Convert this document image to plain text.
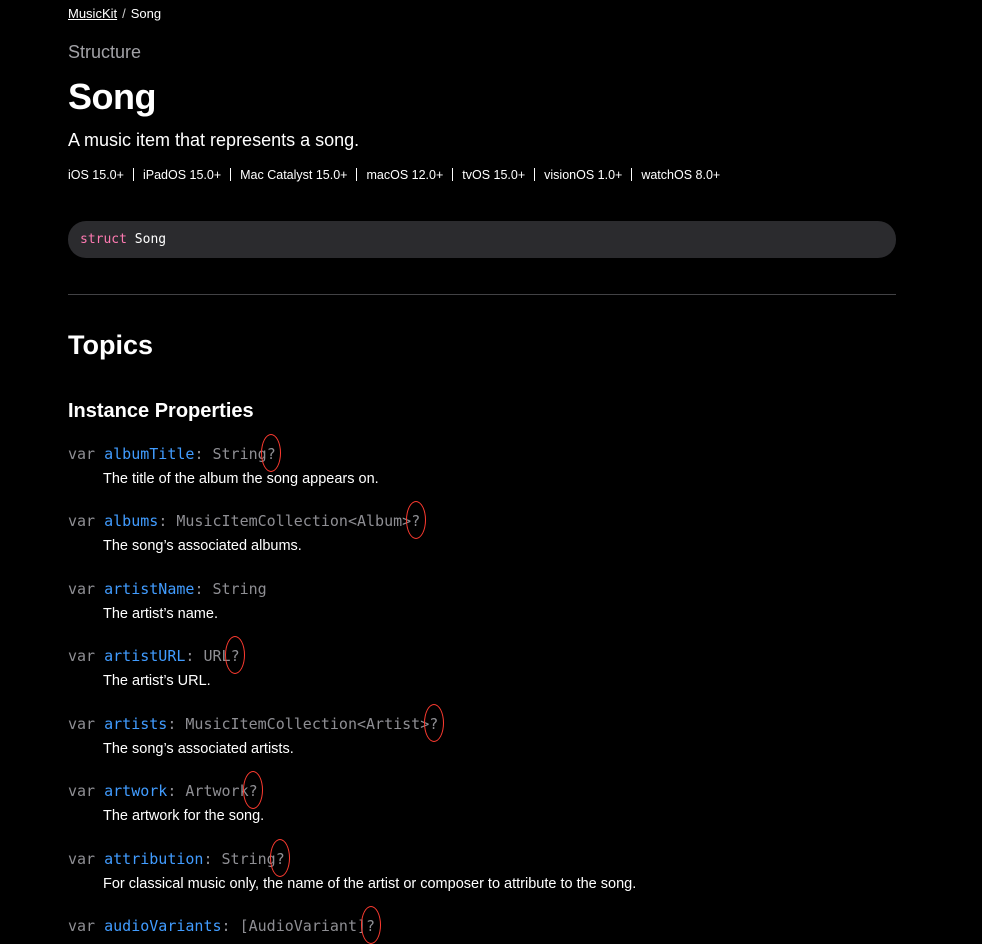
MusicKit / Song
Structure
Song
A music item that represents a song.
iOS 15.0+ iPadOS 15.0+ Mac Catalyst 15.0+ macOS 12.0+ tvOS 15.0+ visionOS 1.0+ watchOS 8.0+
struct Song
Topics
Instance Properties
var albumTitle: String?
The title of the album the song appears on.
var albums: MusicItemCollection<Album>?
The song’s associated albums.
var artistName: String
The artist’s name.
var artistURL: URL?
The artist’s URL.
var artists: MusicItemCollection<Artist>?
The song’s associated artists.
var artwork: Artwork?
The artwork for the song.
var attribution: String?
For classical music only, the name of the artist or composer to attribute to the song.
var audioVariants: [AudioVariant]?
